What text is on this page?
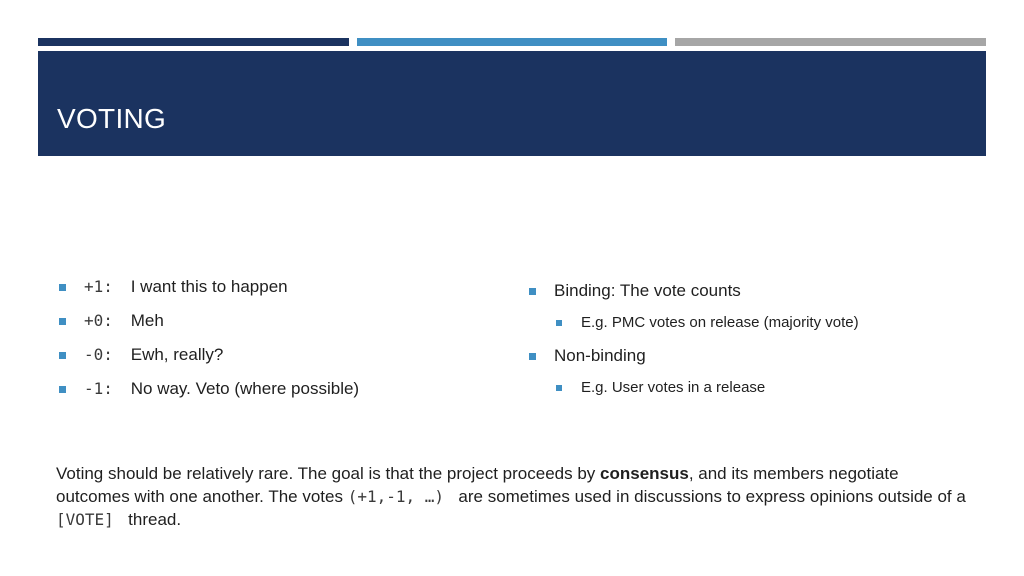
VOTING
+1: I want this to happen
+0: Meh
-0: Ewh, really?
-1: No way. Veto (where possible)
Binding: The vote counts
E.g. PMC votes on release (majority vote)
Non-binding
E.g. User votes in a release

Voting should be relatively rare. The goal is that the project proceeds by consensus, and its members negotiate outcomes with one another. The votes (+1,-1, …)  are sometimes used in discussions to express opinions outside of a [VOTE]  thread.
